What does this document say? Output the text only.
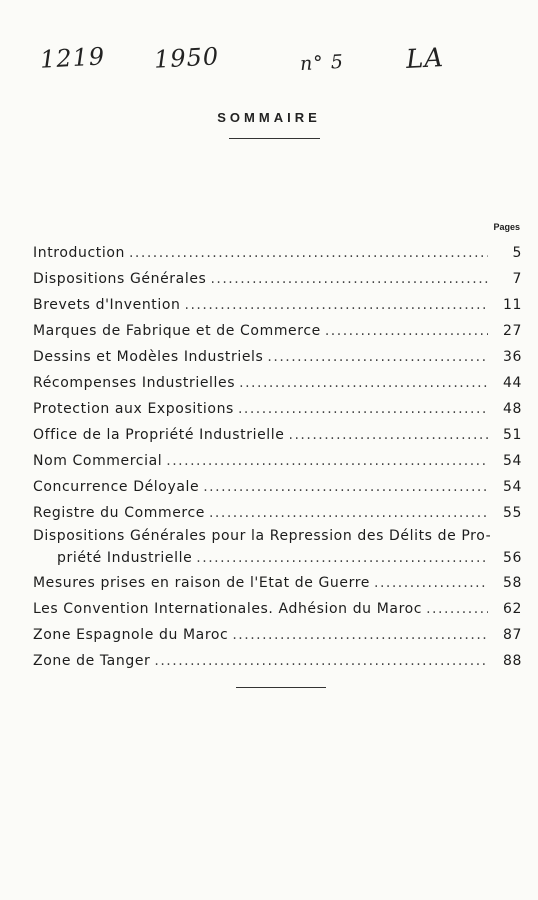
1219 1950	n° 5 LA
SOMMAIRE
Pages
Introduction .....	5
Dispositions Générales .....	7
Brevets d'Invention .....	11
Marques de Fabrique et de Commerce .....	27
Dessins et Modèles Industriels .....	36
Récompenses Industrielles .....	44
Protection aux Expositions .....	48
Office de la Propriété Industrielle .....	51
Nom Commercial .....	54
Concurrence Déloyale .....	54
Registre du Commerce .....	55
Dispositions Générales pour la Repression des Délits de Pro-
priété Industrielle .....	56
Mesures prises en raison de l'Etat de Guerre .....	58
Les Convention Internationales. Adhésion du Maroc .....	62
Zone Espagnole du Maroc .....	87
Zone de Tanger .....	88
